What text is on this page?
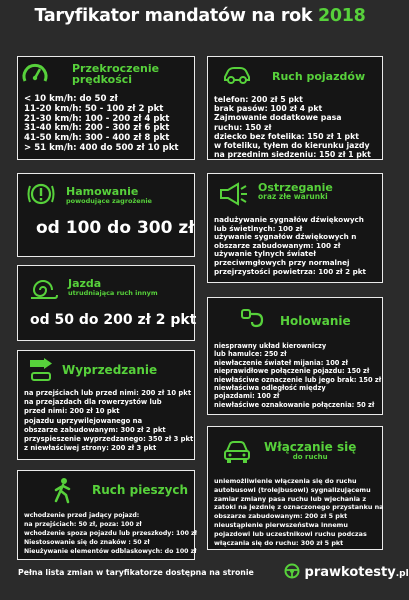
Taryfikator mandatów na rok 2018
Przekroczenie
prędkości
< 10 km/h: do 50 zł
11-20 km/h: 50 - 100 zł 2 pkt
21-30 km/h: 100 - 200 zł 4 pkt
31-40 km/h: 200 - 300 zł 6 pkt
41-50 km/h: 300 - 400 zł 8 pkt
> 51 km/h: 400 do 500 zł 10 pkt
Ruch pojazdów
telefon: 200 zł 5 pkt
brak pasów: 100 zł 4 pkt
Zajmowanie dodatkowe pasa
ruchu: 150 zł
dziecko bez fotelika: 150 zł 1 pkt
w foteliku, tyłem do kierunku jazdy
na przednim siedzeniu: 150 zł 1 pkt
Hamowanie
powodujące zagrożenie
od 100 do 300 zł
Ostrzeganie
oraz złe warunki
nadużywanie sygnałów dźwiękowych
lub świetlnych: 100 zł
używanie sygnałów dźwiękowych n
obszarze zabudowanym: 100 zł
używanie tylnych świateł
przeciwmgłowych przy normalnej
przejrzystości powietrza: 100 zł 2 pkt
Jazda
utrudniająca ruch innym
od 50 do 200 zł 2 pkt	Holowanie
niesprawny układ kierowniczy
lub hamulce: 250 zł
niewłaczenie świateł mijania: 100 zł
nieprawidłowe połączenie pojazdu: 150 zł
niewłaściwe oznaczenie lub jego brak: 150 zł
niewłaściwa odległość między
pojazdami: 100 zł
niewłaściwe oznakowanie połączenia: 50 zł
Wyprzedzanie
na przejściach lub przed nimi: 200 zł 10 pkt
na przejazdach dla rowerzystów lub
przed nimi: 200 zł 10 pkt
pojazdu uprzywilejowanego na
obszarze zabudowanym: 300 zł 2 pkt
przyspieszenie wyprzedzanego: 350 zł 3 pkt
z niewłaściwej strony: 200 zł 3 pkt	Włączanie się
do ruchu
uniemożliwienie włączenia się do ruchu
autobusowi (trolejbusowi) sygnalizującemu
zamiar zmiany pasa ruchu lub wjechania z
zatoki na jezdnię z oznaczonego przystanku na
obszarze zabudowanym: 200 zł 5 pkt
nieustąpienie pierwszeństwa innemu
pojazdowi lub uczestnikowi ruchu podczas
włączania się do ruchu: 300 zł 5 pkt
Ruch pieszych
wchodzenie przed jadący pojazd:
na przejściach: 50 zł, poza: 100 zł
wchodzenie spoza pojazdu lub przeszkody: 100 zł
Niestosowanie się do znaków : 50 zł
Nieużywanie elementów odblaskowych: do 100 zł
Pełna lista zmian w taryfikatorze dostępna na stronie	prawkotesty.pl
